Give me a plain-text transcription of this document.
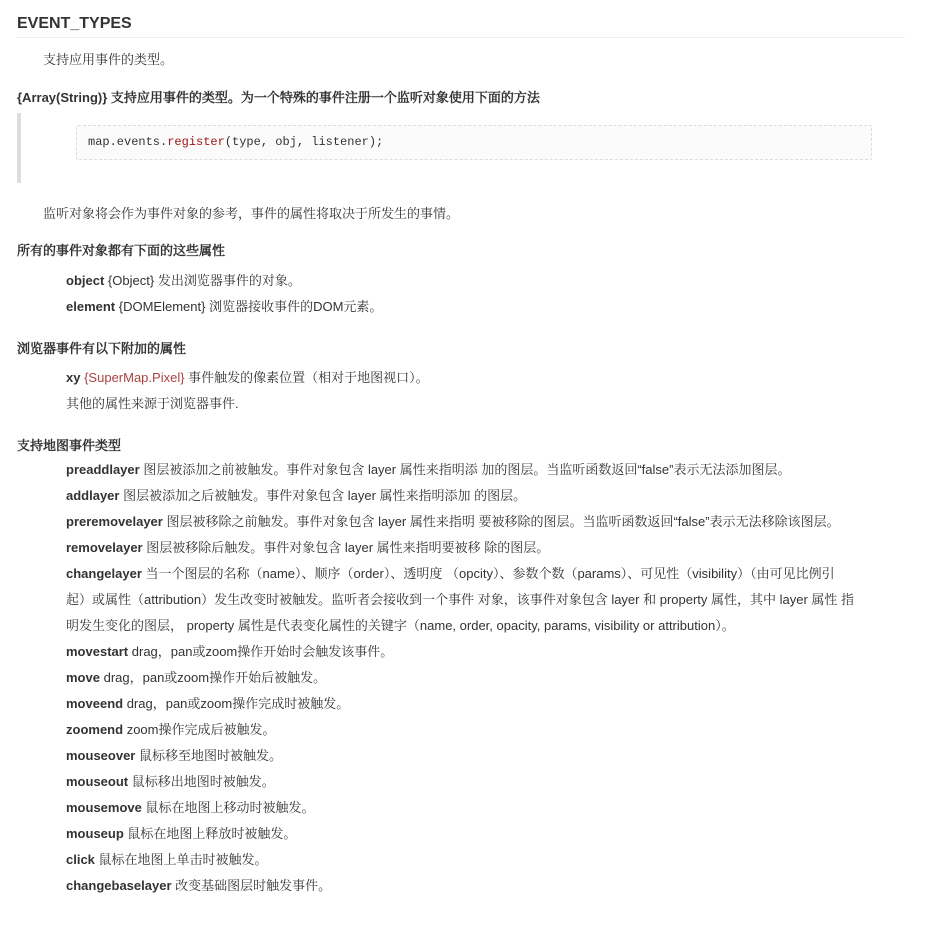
EVENT_TYPES
支持应用事件的类型。
{Array(String)} 支持应用事件的类型。为一个特殊的事件注册一个监听对象使用下面的方法
map.events.register(type, obj, listener);
监听对象将会作为事件对象的参考，事件的属性将取决于所发生的事情。
所有的事件对象都有下面的这些属性
object {Object} 发出浏览器事件的对象。
element {DOMElement} 浏览器接收事件的DOM元素。
浏览器事件有以下附加的属性
xy {SuperMap.Pixel} 事件触发的像素位置（相对于地图视口）。
其他的属性来源于浏览器事件.
支持地图事件类型
preaddlayer 图层被添加之前被触发。事件对象包含 layer 属性来指明添 加的图层。当监听函数返回“false”表示无法添加图层。
addlayer 图层被添加之后被触发。事件对象包含 layer 属性来指明添加 的图层。
preremovelayer 图层被移除之前触发。事件对象包含 layer 属性来指明 要被移除的图层。当监听函数返回“false”表示无法移除该图层。
removelayer 图层被移除后触发。事件对象包含 layer 属性来指明要被移 除的图层。
changelayer 当一个图层的名称（name）、顺序（order）、透明度 （opcity）、参数个数（params）、可见性（visibility）（由可见比例引 起）或属性（attribution）发生改变时被触发。监听者会接收到一个事件 对象，该事件对象包含 layer 和 property 属性，其中 layer 属性 指明发生变化的图层， property 属性是代表变化属性的关键字（name, order, opacity, params, visibility or attribution）。
movestart drag，pan或zoom操作开始时会触发该事件。
move drag，pan或zoom操作开始后被触发。
moveend drag，pan或zoom操作完成时被触发。
zoomend zoom操作完成后被触发。
mouseover 鼠标移至地图时被触发。
mouseout 鼠标移出地图时被触发。
mousemove 鼠标在地图上移动时被触发。
mouseup 鼠标在地图上释放时被触发。
click 鼠标在地图上单击时被触发。
changebaselayer 改变基础图层时触发事件。
